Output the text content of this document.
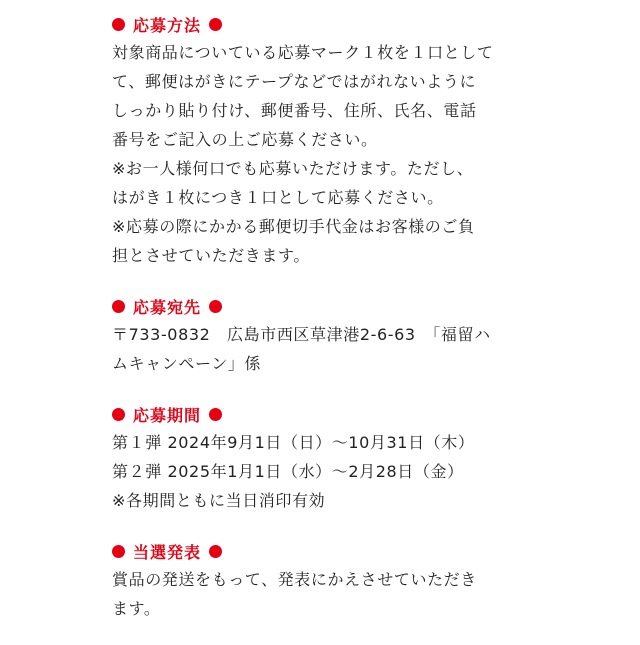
応募方法
対象商品についている応募マーク１枚を１口として
て、郵便はがきにテープなどではがれないように
しっかり貼り付け、郵便番号、住所、氏名、電話
番号をご記入の上ご応募ください。
※お一人様何口でも応募いただけます。ただし、
はがき１枚につき１口として応募ください。
※応募の際にかかる郵便切手代金はお客様のご負
担とさせていただきます。
応募宛先
〒733-0832　広島市西区草津港2-6-63　「福留ハ
ムキャンペーン」係
応募期間
第１弾 2024年9月1日（日）～10月31日（木）
第２弾 2025年1月1日（水）～2月28日（金）
※各期間ともに当日消印有効
当選発表
賞品の発送をもって、発表にかえさせていただき
ます。
